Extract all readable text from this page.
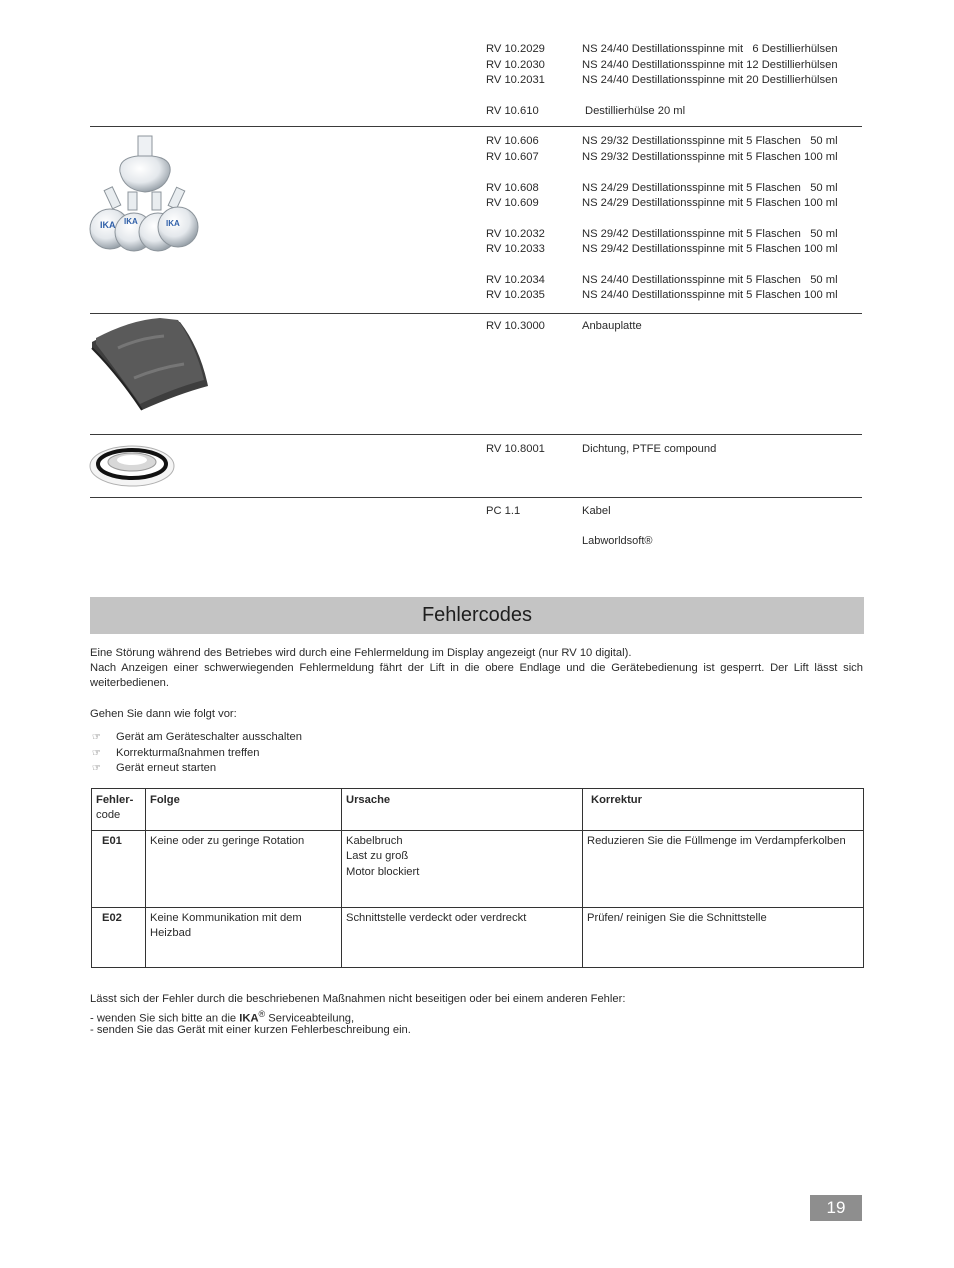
RV 10.2029	NS 24/40 Destillationsspinne mit   6 Destillierhülsen
RV 10.2030	NS 24/40 Destillationsspinne mit 12 Destillierhülsen
RV 10.2031	NS 24/40 Destillationsspinne mit 20 Destillierhülsen
RV 10.610	Destillierhülse 20 ml
IKA IKA	IKA
RV 10.606	NS 29/32 Destillationsspinne mit 5 Flaschen   50 ml
RV 10.607	NS 29/32 Destillationsspinne mit 5 Flaschen 100 ml
RV 10.608	NS 24/29 Destillationsspinne mit 5 Flaschen   50 ml
RV 10.609	NS 24/29 Destillationsspinne mit 5 Flaschen 100 ml
RV 10.2032	NS 29/42 Destillationsspinne mit 5 Flaschen   50 ml
RV 10.2033	NS 29/42 Destillationsspinne mit 5 Flaschen 100 ml
RV 10.2034	NS 24/40 Destillationsspinne mit 5 Flaschen   50 ml
RV 10.2035	NS 24/40 Destillationsspinne mit 5 Flaschen 100 ml
RV 10.3000	Anbauplatte
RV 10.8001	Dichtung, PTFE compound
PC 1.1	Kabel
Labworldsoft®
Fehlercodes
Eine Störung während des Betriebes wird durch eine Fehlermeldung im Display angezeigt (nur RV 10 digital).
Nach Anzeigen einer schwerwiegenden Fehlermeldung fährt der Lift in die obere Endlage und die Gerätebedienung ist gesperrt. Der Lift lässt sich weiterbedienen.
Gehen Sie dann wie folgt vor:
☞ Gerät am Geräteschalter ausschalten
☞ Korrekturmaßnahmen treffen
☞ Gerät erneut starten
Fehler-
code	Folge	Ursache	Korrektur
E01	Keine oder zu geringe Rotation	Kabelbruch
Last zu groß
Motor blockiert	Reduzieren Sie die Füllmenge im Verdampferkolben
E02	Keine Kommunikation mit dem
Heizbad	Schnittstelle verdeckt oder verdreckt	Prüfen/ reinigen Sie die Schnittstelle
Lässt sich der Fehler durch die beschriebenen Maßnahmen nicht beseitigen oder bei einem anderen Fehler:
- wenden Sie sich bitte an die IKA® Serviceabteilung,
- senden Sie das Gerät mit einer kurzen Fehlerbeschreibung ein.
19
